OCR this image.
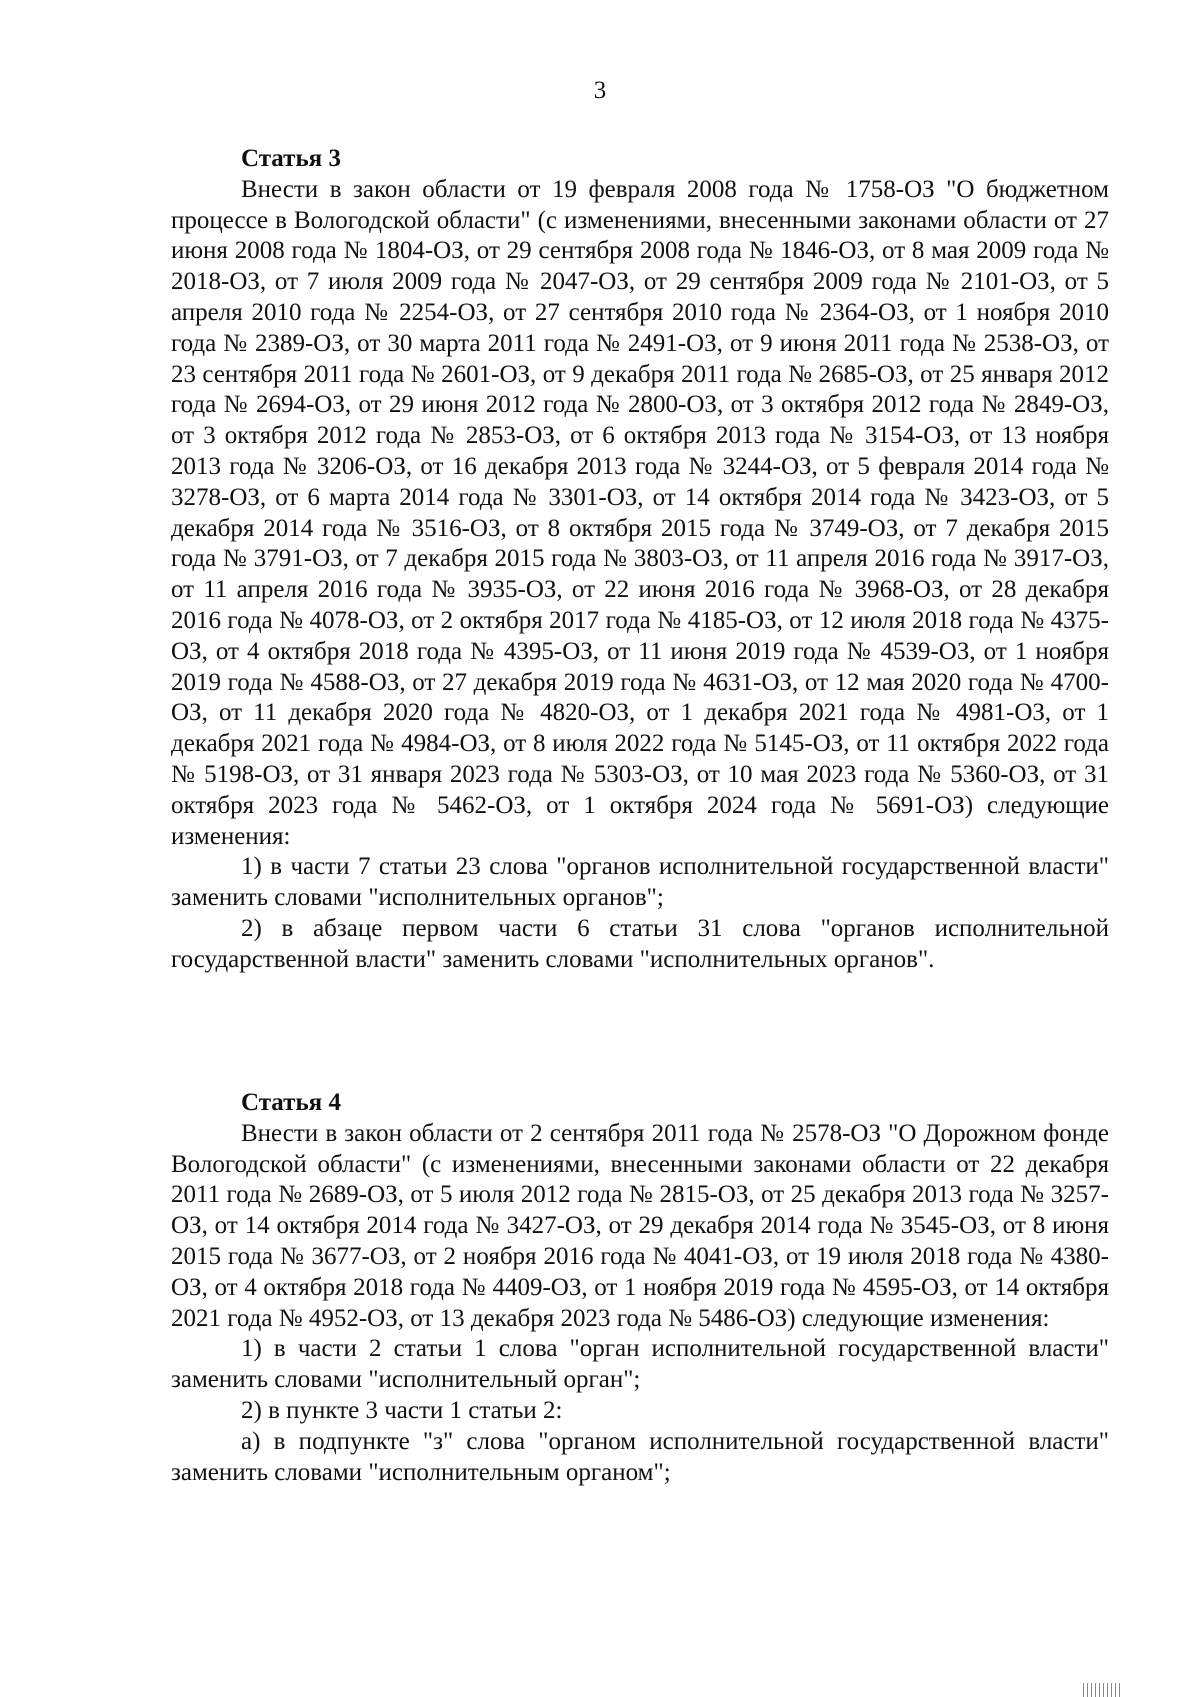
3

Статья 3

Внести в закон области от 19 февраля 2008 года № 1758-ОЗ "О бюджетном процессе в Вологодской области" (с изменениями, внесенными законами области от 27 июня 2008 года № 1804-ОЗ, от 29 сентября 2008 года № 1846-ОЗ, от 8 мая 2009 года № 2018-ОЗ, от 7 июля 2009 года № 2047-ОЗ, от 29 сентября 2009 года № 2101-ОЗ, от 5 апреля 2010 года № 2254-ОЗ, от 27 сентября 2010 года № 2364-ОЗ, от 1 ноября 2010 года № 2389-ОЗ, от 30 марта 2011 года № 2491-ОЗ, от 9 июня 2011 года № 2538-ОЗ, от 23 сентября 2011 года № 2601-ОЗ, от 9 декабря 2011 года № 2685-ОЗ, от 25 января 2012 года № 2694-ОЗ, от 29 июня 2012 года № 2800-ОЗ, от 3 октября 2012 года № 2849-ОЗ, от 3 октября 2012 года № 2853-ОЗ, от 6 октября 2013 года № 3154-ОЗ, от 13 ноября 2013 года № 3206-ОЗ, от 16 декабря 2013 года № 3244-ОЗ, от 5 февраля 2014 года № 3278-ОЗ, от 6 марта 2014 года № 3301-ОЗ, от 14 октября 2014 года № 3423-ОЗ, от 5 декабря 2014 года № 3516-ОЗ, от 8 октября 2015 года № 3749-ОЗ, от 7 декабря 2015 года № 3791-ОЗ, от 7 декабря 2015 года № 3803-ОЗ, от 11 апреля 2016 года № 3917-ОЗ, от 11 апреля 2016 года № 3935-ОЗ, от 22 июня 2016 года № 3968-ОЗ, от 28 декабря 2016 года № 4078-ОЗ, от 2 октября 2017 года № 4185-ОЗ, от 12 июля 2018 года № 4375-ОЗ, от 4 октября 2018 года № 4395-ОЗ, от 11 июня 2019 года № 4539-ОЗ, от 1 ноября 2019 года № 4588-ОЗ, от 27 декабря 2019 года № 4631-ОЗ, от 12 мая 2020 года № 4700-ОЗ, от 11 декабря 2020 года № 4820-ОЗ, от 1 декабря 2021 года № 4981-ОЗ, от 1 декабря 2021 года № 4984-ОЗ, от 8 июля 2022 года № 5145-ОЗ, от 11 октября 2022 года № 5198-ОЗ, от 31 января 2023 года № 5303-ОЗ, от 10 мая 2023 года № 5360-ОЗ, от 31 октября 2023 года № 5462-ОЗ, от 1 октября 2024 года № 5691-ОЗ) следующие изменения:

1) в части 7 статьи 23 слова "органов исполнительной государственной власти" заменить словами "исполнительных органов";

2) в абзаце первом части 6 статьи 31 слова "органов исполнительной государственной власти" заменить словами "исполнительных органов".

Статья 4

Внести в закон области от 2 сентября 2011 года № 2578-ОЗ "О Дорожном фонде Вологодской области" (с изменениями, внесенными законами области от 22 декабря 2011 года № 2689-ОЗ, от 5 июля 2012 года № 2815-ОЗ, от 25 декабря 2013 года № 3257-ОЗ, от 14 октября 2014 года № 3427-ОЗ, от 29 декабря 2014 года № 3545-ОЗ, от 8 июня 2015 года № 3677-ОЗ, от 2 ноября 2016 года № 4041-ОЗ, от 19 июля 2018 года № 4380-ОЗ, от 4 октября 2018 года № 4409-ОЗ, от 1 ноября 2019 года № 4595-ОЗ, от 14 октября 2021 года № 4952-ОЗ, от 13 декабря 2023 года № 5486-ОЗ) следующие изменения:

1) в части 2 статьи 1 слова "орган исполнительной государственной власти" заменить словами "исполнительный орган";

2) в пункте 3 части 1 статьи 2:

а) в подпункте "з" слова "органом исполнительной государственной власти" заменить словами "исполнительным органом";
